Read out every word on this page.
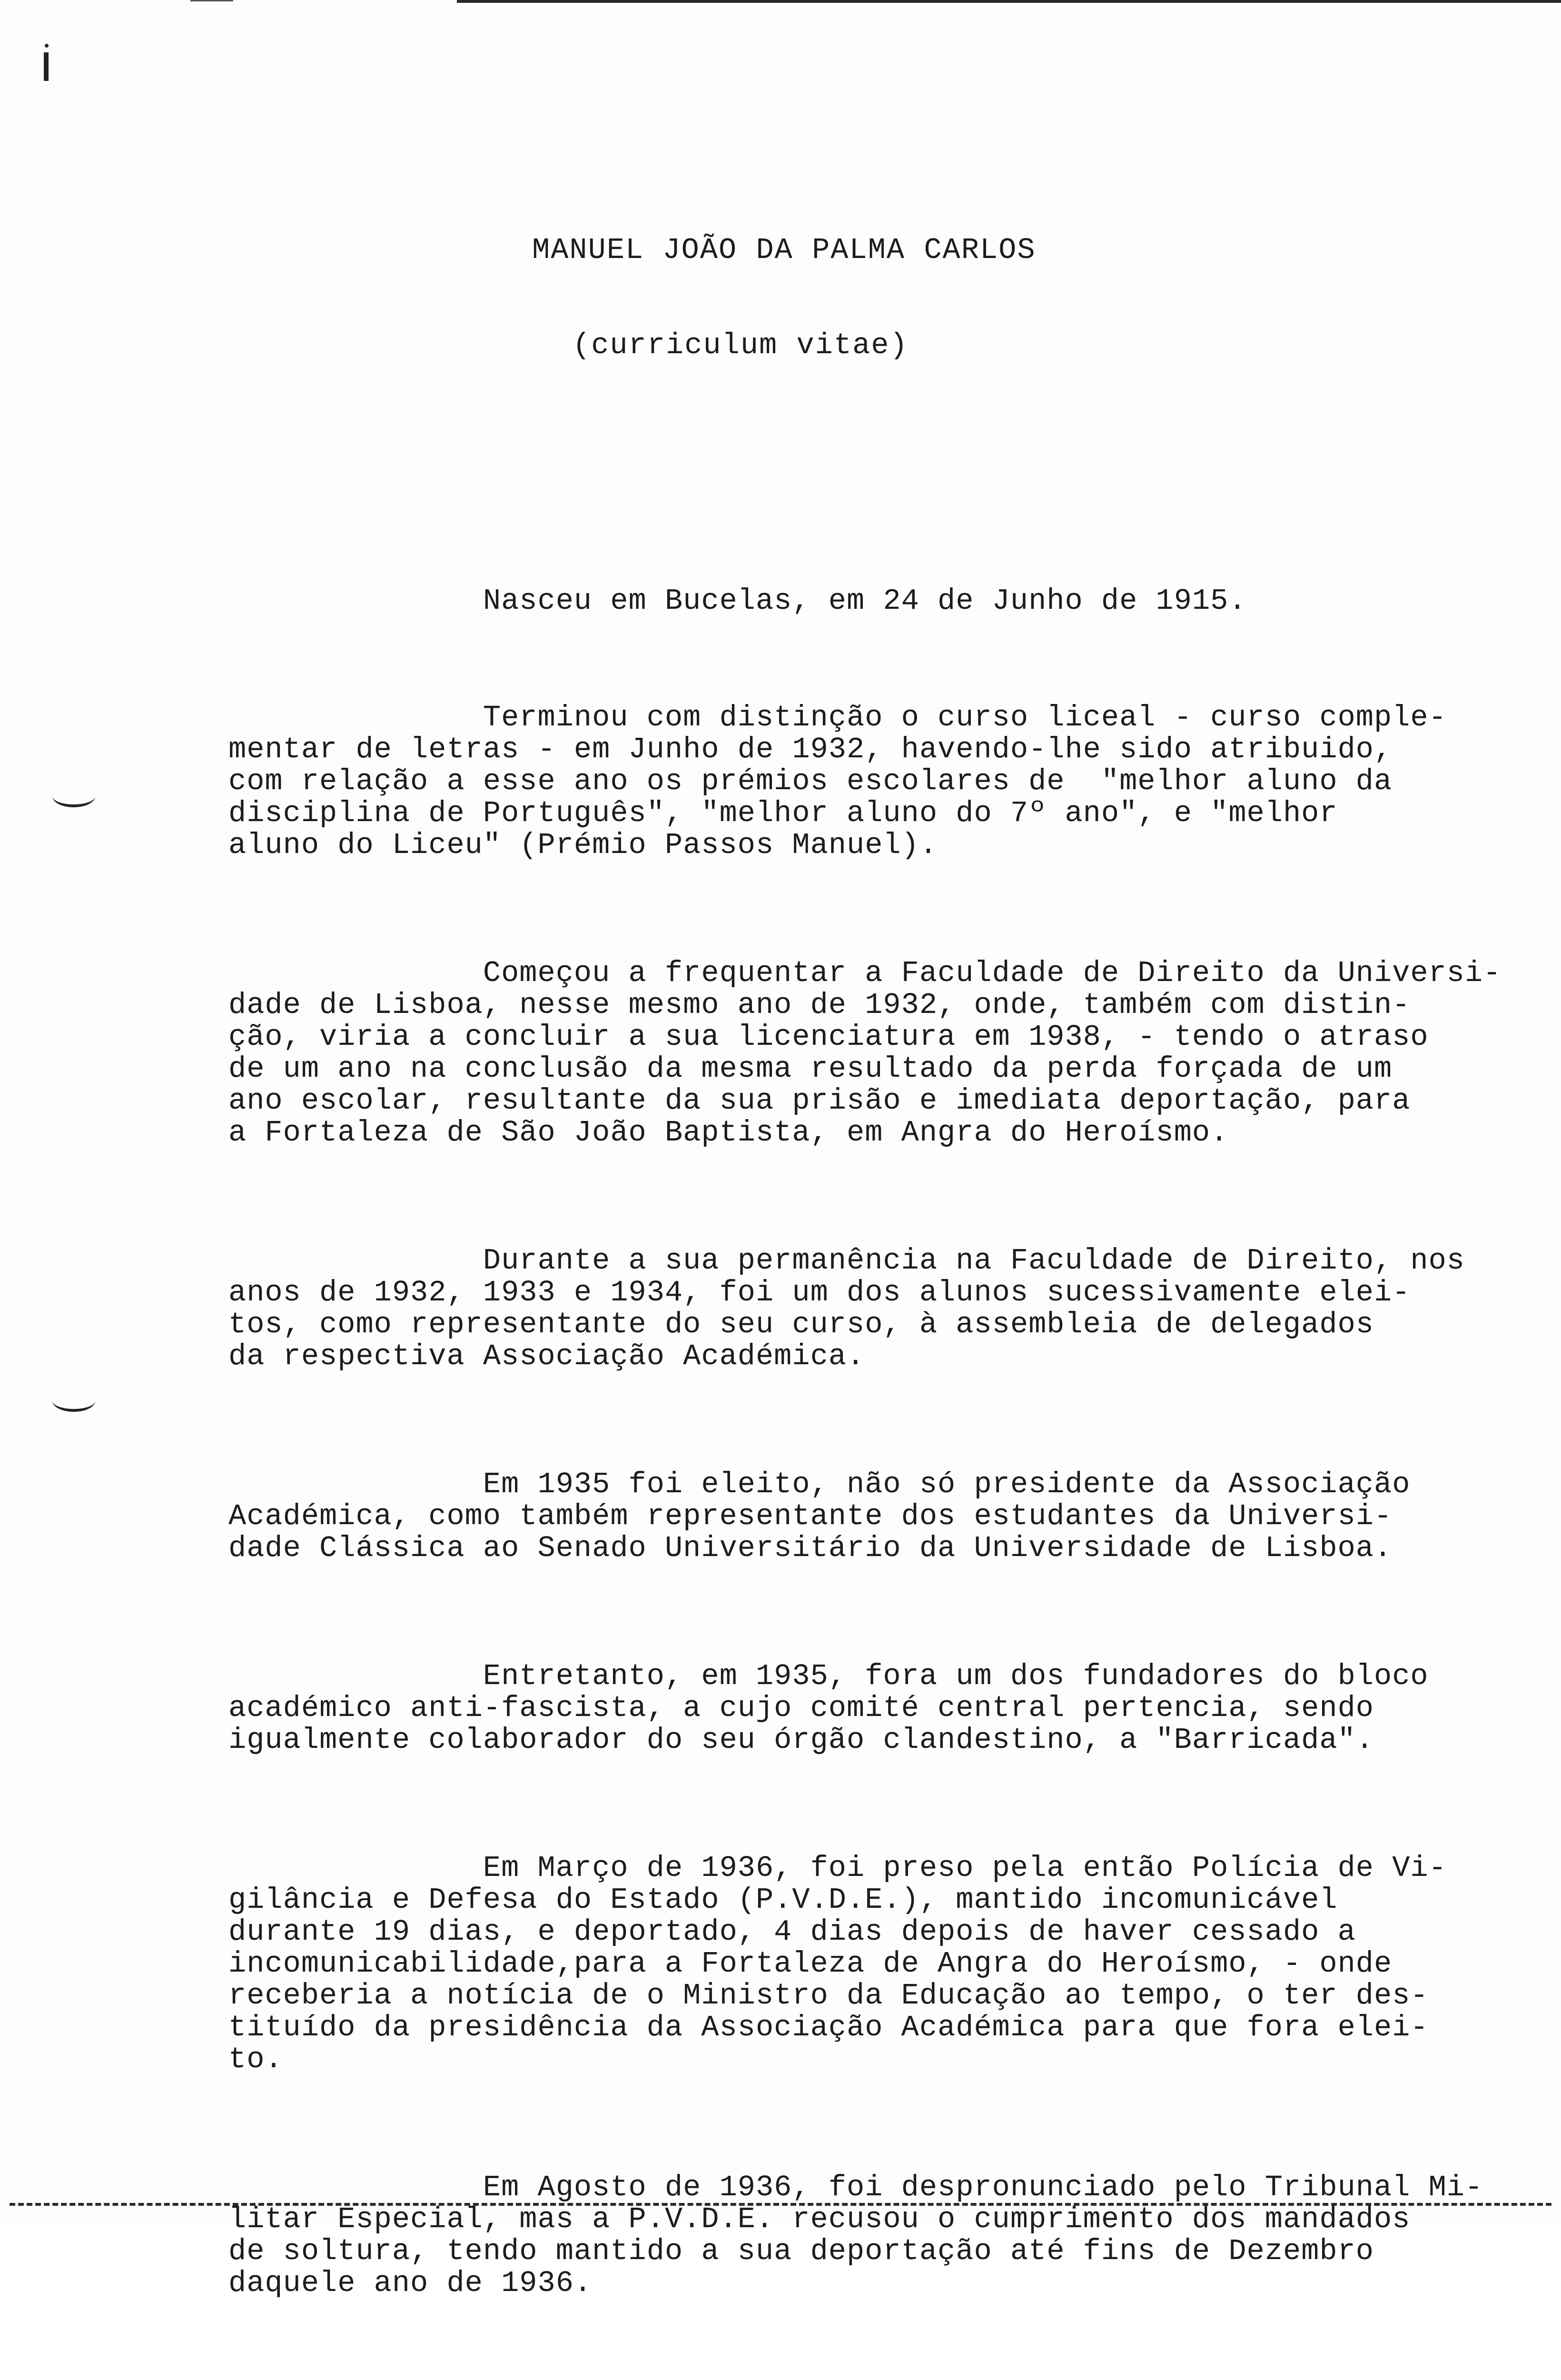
MANUEL JOÃO DA PALMA CARLOS
(curriculum vitae)

Nasceu em Bucelas, em 24 de Junho de 1915.

Terminou com distinção o curso liceal - curso comple-
mentar de letras - em Junho de 1932, havendo-lhe sido atribuido,
com relação a esse ano os prémios escolares de  "melhor aluno da
disciplina de Português", "melhor aluno do 7º ano", e "melhor
aluno do Liceu" (Prémio Passos Manuel).

Começou a frequentar a Faculdade de Direito da Universi-
dade de Lisboa, nesse mesmo ano de 1932, onde, também com distin-
ção, viria a concluir a sua licenciatura em 1938, - tendo o atraso
de um ano na conclusão da mesma resultado da perda forçada de um
ano escolar, resultante da sua prisão e imediata deportação, para
a Fortaleza de São João Baptista, em Angra do Heroísmo.

Durante a sua permanência na Faculdade de Direito, nos
anos de 1932, 1933 e 1934, foi um dos alunos sucessivamente elei-
tos, como representante do seu curso, à assembleia de delegados
da respectiva Associação Académica.

Em 1935 foi eleito, não só presidente da Associação
Académica, como também representante dos estudantes da Universi-
dade Clássica ao Senado Universitário da Universidade de Lisboa.

Entretanto, em 1935, fora um dos fundadores do bloco
académico anti-fascista, a cujo comité central pertencia, sendo
igualmente colaborador do seu órgão clandestino, a "Barricada".

Em Março de 1936, foi preso pela então Polícia de Vi-
gilância e Defesa do Estado (P.V.D.E.), mantido incomunicável
durante 19 dias, e deportado, 4 dias depois de haver cessado a
incomunicabilidade,para a Fortaleza de Angra do Heroísmo, - onde
receberia a notícia de o Ministro da Educação ao tempo, o ter des-
tituído da presidência da Associação Académica para que fora elei-
to.

Em Agosto de 1936, foi despronunciado pelo Tribunal Mi-
litar Especial, mas a P.V.D.E. recusou o cumprimento dos mandados
de soltura, tendo mantido a sua deportação até fins de Dezembro
daquele ano de 1936.
